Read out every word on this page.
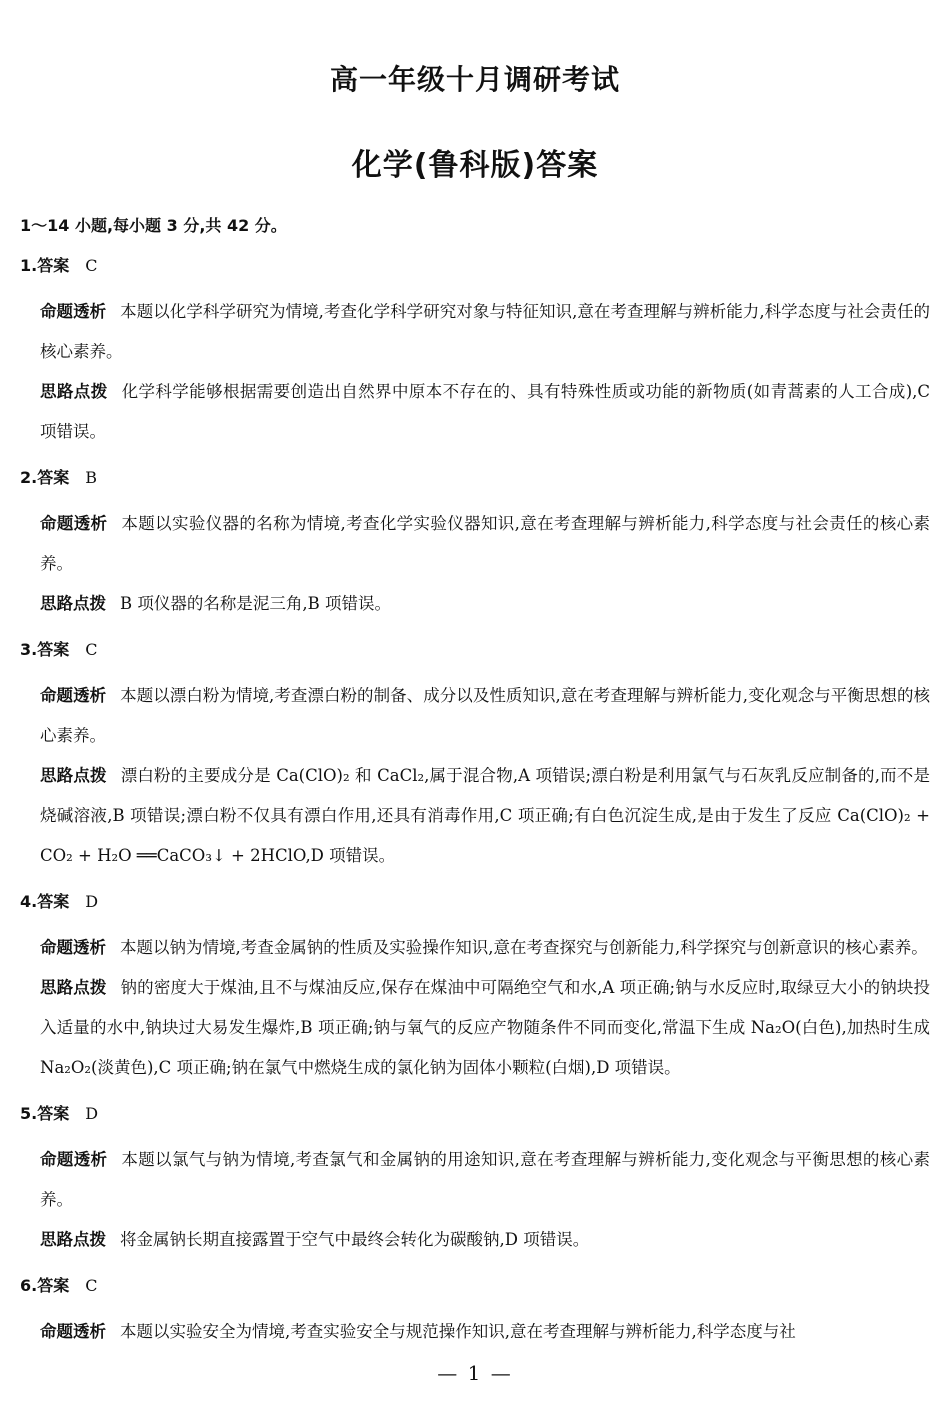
高一年级十月调研考试
化学(鲁科版)答案
1～14 小题,每小题 3 分,共 42 分。
1.答案 C
命题透析 本题以化学科学研究为情境,考查化学科学研究对象与特征知识,意在考查理解与辨析能力,科学态度与社会责任的核心素养。
思路点拨 化学科学能够根据需要创造出自然界中原本不存在的、具有特殊性质或功能的新物质(如青蒿素的人工合成),C 项错误。
2.答案 B
命题透析 本题以实验仪器的名称为情境,考查化学实验仪器知识,意在考查理解与辨析能力,科学态度与社会责任的核心素养。
思路点拨 B 项仪器的名称是泥三角,B 项错误。
3.答案 C
命题透析 本题以漂白粉为情境,考查漂白粉的制备、成分以及性质知识,意在考查理解与辨析能力,变化观念与平衡思想的核心素养。
思路点拨 漂白粉的主要成分是 Ca(ClO)₂ 和 CaCl₂,属于混合物,A 项错误;漂白粉是利用氯气与石灰乳反应制备的,而不是烧碱溶液,B 项错误;漂白粉不仅具有漂白作用,还具有消毒作用,C 项正确;有白色沉淀生成,是由于发生了反应 Ca(ClO)₂ + CO₂ + H₂O ══CaCO₃↓ + 2HClO,D 项错误。
4.答案 D
命题透析 本题以钠为情境,考查金属钠的性质及实验操作知识,意在考查探究与创新能力,科学探究与创新意识的核心素养。
思路点拨 钠的密度大于煤油,且不与煤油反应,保存在煤油中可隔绝空气和水,A 项正确;钠与水反应时,取绿豆大小的钠块投入适量的水中,钠块过大易发生爆炸,B 项正确;钠与氧气的反应产物随条件不同而变化,常温下生成 Na₂O(白色),加热时生成 Na₂O₂(淡黄色),C 项正确;钠在氯气中燃烧生成的氯化钠为固体小颗粒(白烟),D 项错误。
5.答案 D
命题透析 本题以氯气与钠为情境,考查氯气和金属钠的用途知识,意在考查理解与辨析能力,变化观念与平衡思想的核心素养。
思路点拨 将金属钠长期直接露置于空气中最终会转化为碳酸钠,D 项错误。
6.答案 C
命题透析 本题以实验安全为情境,考查实验安全与规范操作知识,意在考查理解与辨析能力,科学态度与社
— 1 —
